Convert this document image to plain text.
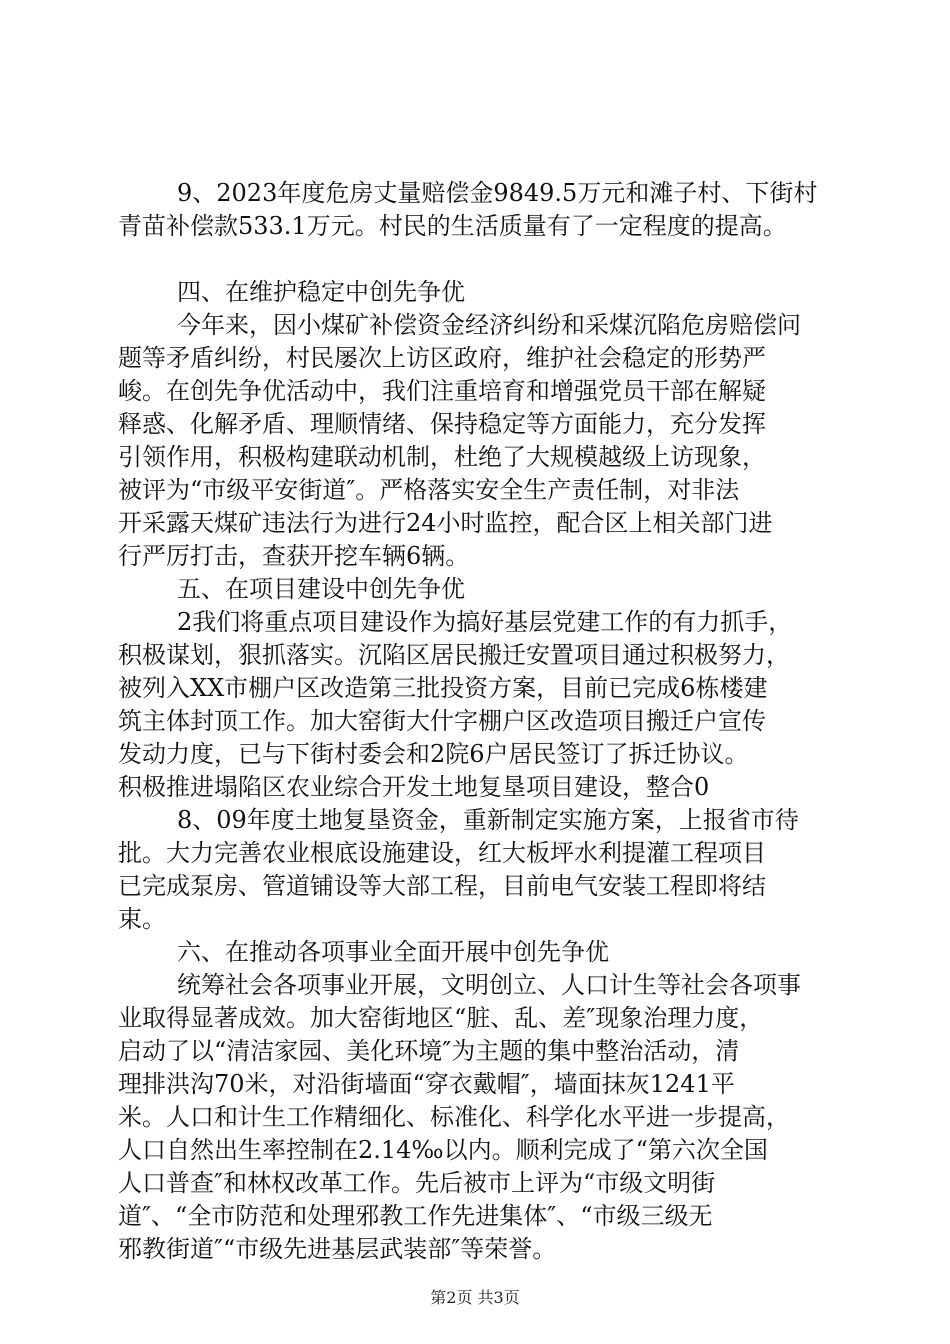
9、2023年度危房丈量赔偿金9849.5万元和滩子村、下街村
青苗补偿款533.1万元。村民的生活质量有了一定程度的提高。
四、在维护稳定中创先争优
今年来，因小煤矿补偿资金经济纠纷和采煤沉陷危房赔偿问
题等矛盾纠纷，村民屡次上访区政府，维护社会稳定的形势严
峻。在创先争优活动中，我们注重培育和增强党员干部在解疑
释惑、化解矛盾、理顺情绪、保持稳定等方面能力，充分发挥
引领作用，积极构建联动机制，杜绝了大规模越级上访现象，
被评为“市级平安街道″。严格落实安全生产责任制，对非法
开采露天煤矿违法行为进行24小时监控，配合区上相关部门进
行严厉打击，查获开挖车辆6辆。
五、在项目建设中创先争优
2我们将重点项目建设作为搞好基层党建工作的有力抓手，
积极谋划，狠抓落实。沉陷区居民搬迁安置项目通过积极努力，
被列入XX市棚户区改造第三批投资方案，目前已完成6栋楼建
筑主体封顶工作。加大窑街大什字棚户区改造项目搬迁户宣传
发动力度，已与下街村委会和2院6户居民签订了拆迁协议。
积极推进塌陷区农业综合开发土地复垦项目建设，整合0
8、09年度土地复垦资金，重新制定实施方案，上报省市待
批。大力完善农业根底设施建设，红大板坪水利提灌工程项目
已完成泵房、管道铺设等大部工程，目前电气安装工程即将结
束。
六、在推动各项事业全面开展中创先争优
统筹社会各项事业开展，文明创立、人口计生等社会各项事
业取得显著成效。加大窑街地区“脏、乱、差″现象治理力度，
启动了以“清洁家园、美化环境″为主题的集中整治活动，清
理排洪沟70米，对沿街墙面“穿衣戴帽″，墙面抹灰1241平
米。人口和计生工作精细化、标准化、科学化水平进一步提高，
人口自然出生率控制在2.14‰以内。顺利完成了“第六次全国
人口普查″和林权改革工作。先后被市上评为“市级文明街
道″、“全市防范和处理邪教工作先进集体″、“市级三级无
邪教街道″“市级先进基层武装部″等荣誉。
第2页 共3页
